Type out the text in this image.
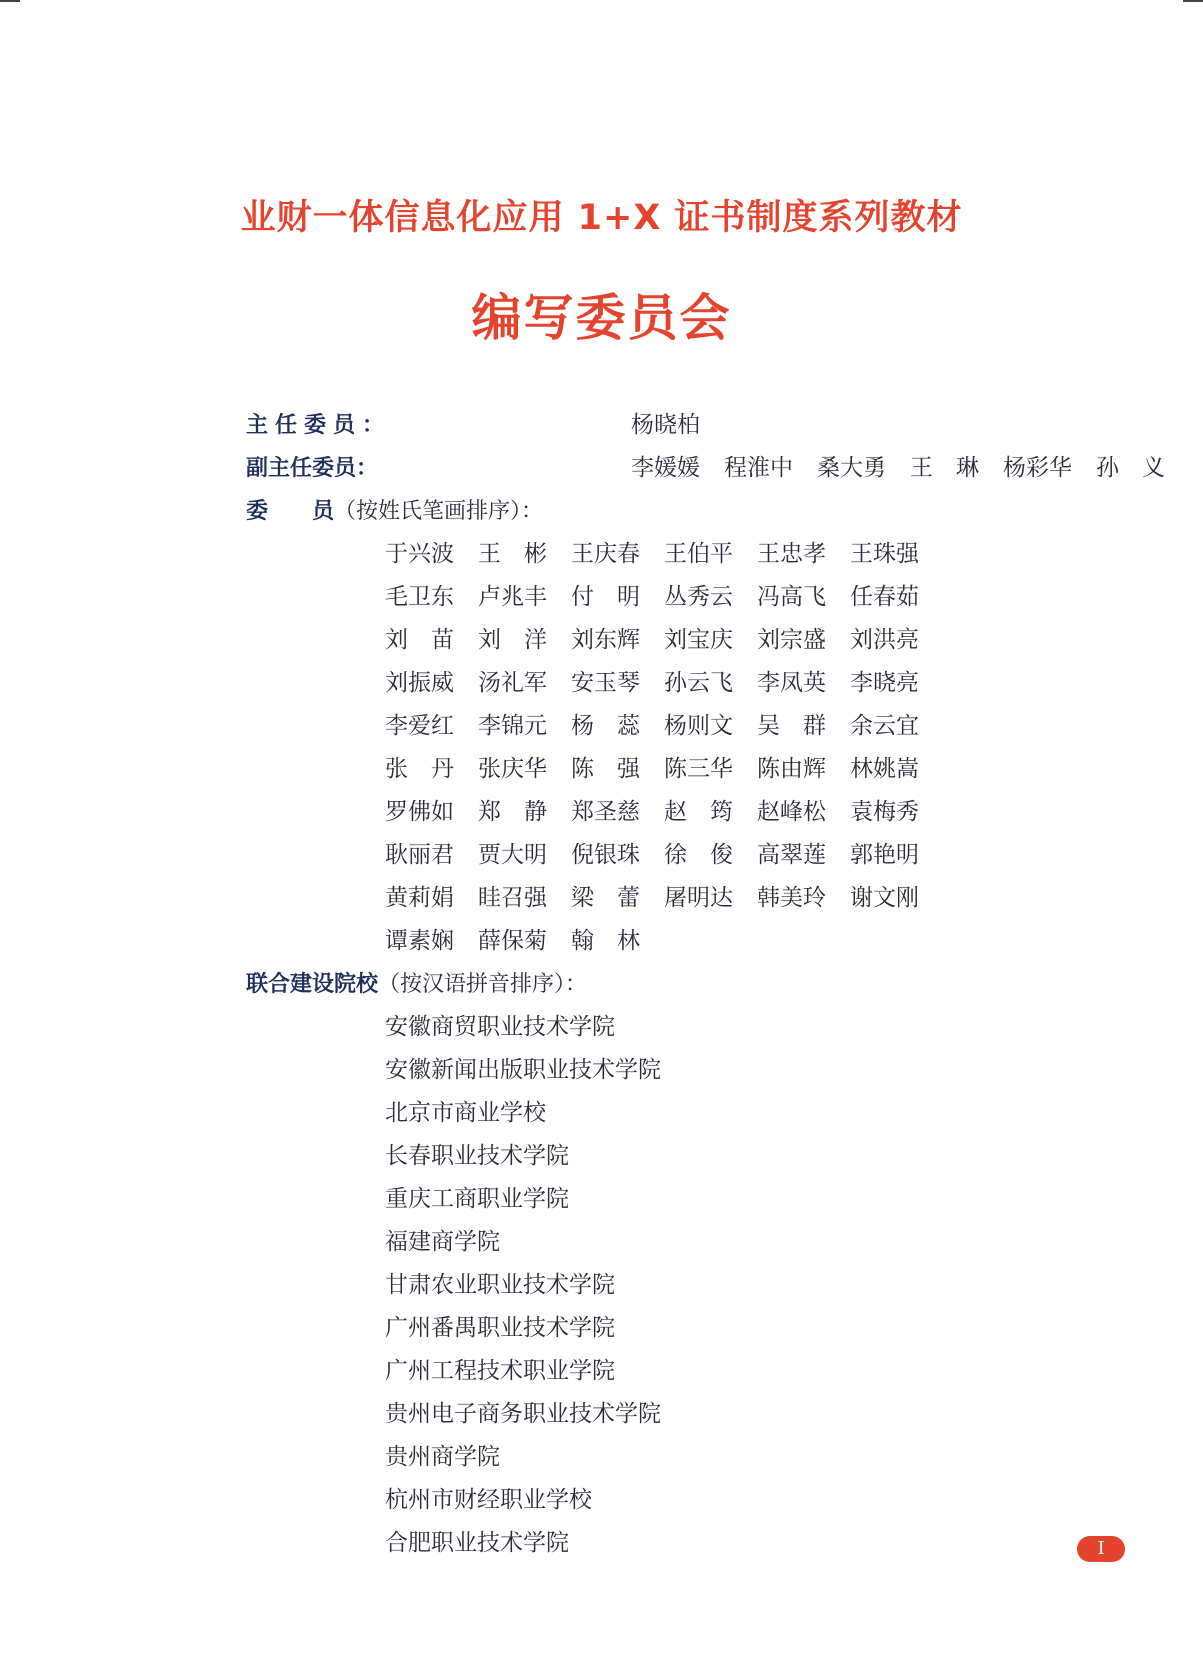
业财一体信息化应用 1+X 证书制度系列教材
编写委员会
主任委员：	杨晓柏
副主任委员：	李媛媛	程淮中	桑大勇	王　琳	杨彩华	孙　义
委　　员（按姓氏笔画排序）：
于兴波	王　彬	王庆春	王伯平	王忠孝	王珠强
毛卫东	卢兆丰	付　明	丛秀云	冯高飞	任春茹
刘　苗	刘　洋	刘东辉	刘宝庆	刘宗盛	刘洪亮
刘振威	汤礼军	安玉琴	孙云飞	李凤英	李晓亮
李爱红	李锦元	杨　蕊	杨则文	吴　群	余云宜
张　丹	张庆华	陈　强	陈三华	陈由辉	林姚嵩
罗佛如	郑　静	郑圣慈	赵　筠	赵峰松	袁梅秀
耿丽君	贾大明	倪银珠	徐　俊	高翠莲	郭艳明
黄莉娟	眭召强	梁　蕾	屠明达	韩美玲	谢文刚
谭素娴	薛保菊	翰　林
联合建设院校（按汉语拼音排序）：
安徽商贸职业技术学院
安徽新闻出版职业技术学院
北京市商业学校
长春职业技术学院
重庆工商职业学院
福建商学院
甘肃农业职业技术学院
广州番禺职业技术学院
广州工程技术职业学院
贵州电子商务职业技术学院
贵州商学院
杭州市财经职业学校
合肥职业技术学院	I
